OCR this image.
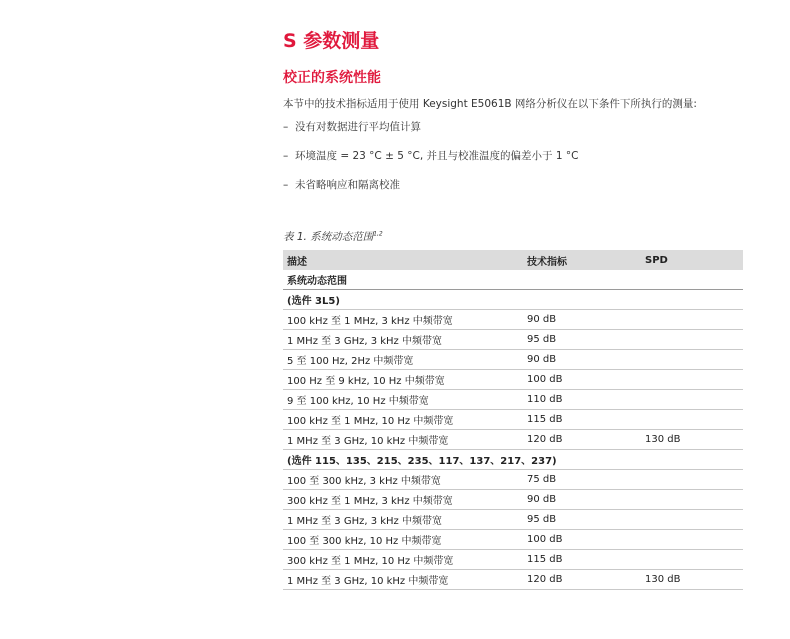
S 参数测量
校正的系统性能

本节中的技术指标适用于使用 Keysight E5061B 网络分析仪在以下条件下所执行的测量:

– 没有对数据进行平均值计算
– 环境温度 = 23 °C ± 5 °C, 并且与校准温度的偏差小于 1 °C
– 未省略响应和隔离校准

表 1. 系统动态范围$^{1,2}$

描述	技术指标	SPD
系统动态范围		
(选件 3L5)		
100 kHz 至 1 MHz, 3 kHz 中频带宽	90 dB	
1 MHz 至 3 GHz, 3 kHz 中频带宽	95 dB	
5 至 100 Hz, 2Hz 中频带宽	90 dB	
100 Hz 至 9 kHz, 10 Hz 中频带宽	100 dB	
9 至 100 kHz, 10 Hz 中频带宽	110 dB	
100 kHz 至 1 MHz, 10 Hz 中频带宽	115 dB	
1 MHz 至 3 GHz, 10 kHz 中频带宽	120 dB	130 dB
(选件 115、135、215、235、117、137、217、237)		
100 至 300 kHz, 3 kHz 中频带宽	75 dB	
300 kHz 至 1 MHz, 3 kHz 中频带宽	90 dB	
1 MHz 至 3 GHz, 3 kHz 中频带宽	95 dB	
100 至 300 kHz, 10 Hz 中频带宽	100 dB	
300 kHz 至 1 MHz, 10 Hz 中频带宽	115 dB	
1 MHz 至 3 GHz, 10 kHz 中频带宽	120 dB	130 dB
